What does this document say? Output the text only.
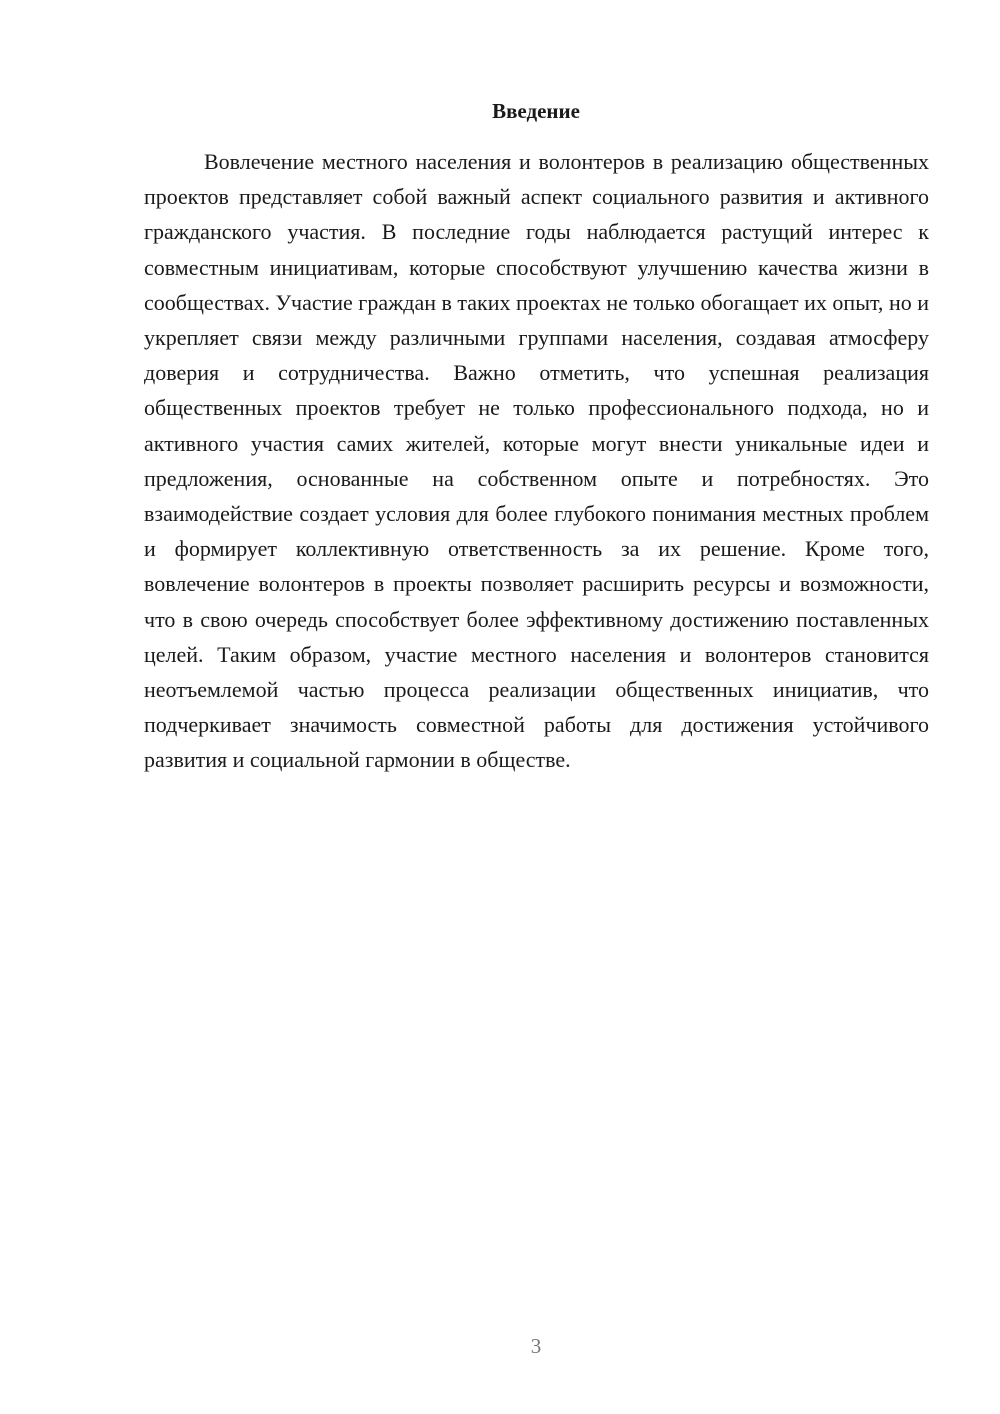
Введение

Вовлечение местного населения и волонтеров в реализацию общественных проектов представляет собой важный аспект социального развития и активного гражданского участия. В последние годы наблюдается растущий интерес к совместным инициативам, которые способствуют улучшению качества жизни в сообществах. Участие граждан в таких проектах не только обогащает их опыт, но и укрепляет связи между различными группами населения, создавая атмосферу доверия и сотрудничества. Важно отметить, что успешная реализация общественных проектов требует не только профессионального подхода, но и активного участия самих жителей, которые могут внести уникальные идеи и предложения, основанные на собственном опыте и потребностях. Это взаимодействие создает условия для более глубокого понимания местных проблем и формирует коллективную ответственность за их решение. Кроме того, вовлечение волонтеров в проекты позволяет расширить ресурсы и возможности, что в свою очередь способствует более эффективному достижению поставленных целей. Таким образом, участие местного населения и волонтеров становится неотъемлемой частью процесса реализации общественных инициатив, что подчеркивает значимость совместной работы для достижения устойчивого развития и социальной гармонии в обществе.

3
